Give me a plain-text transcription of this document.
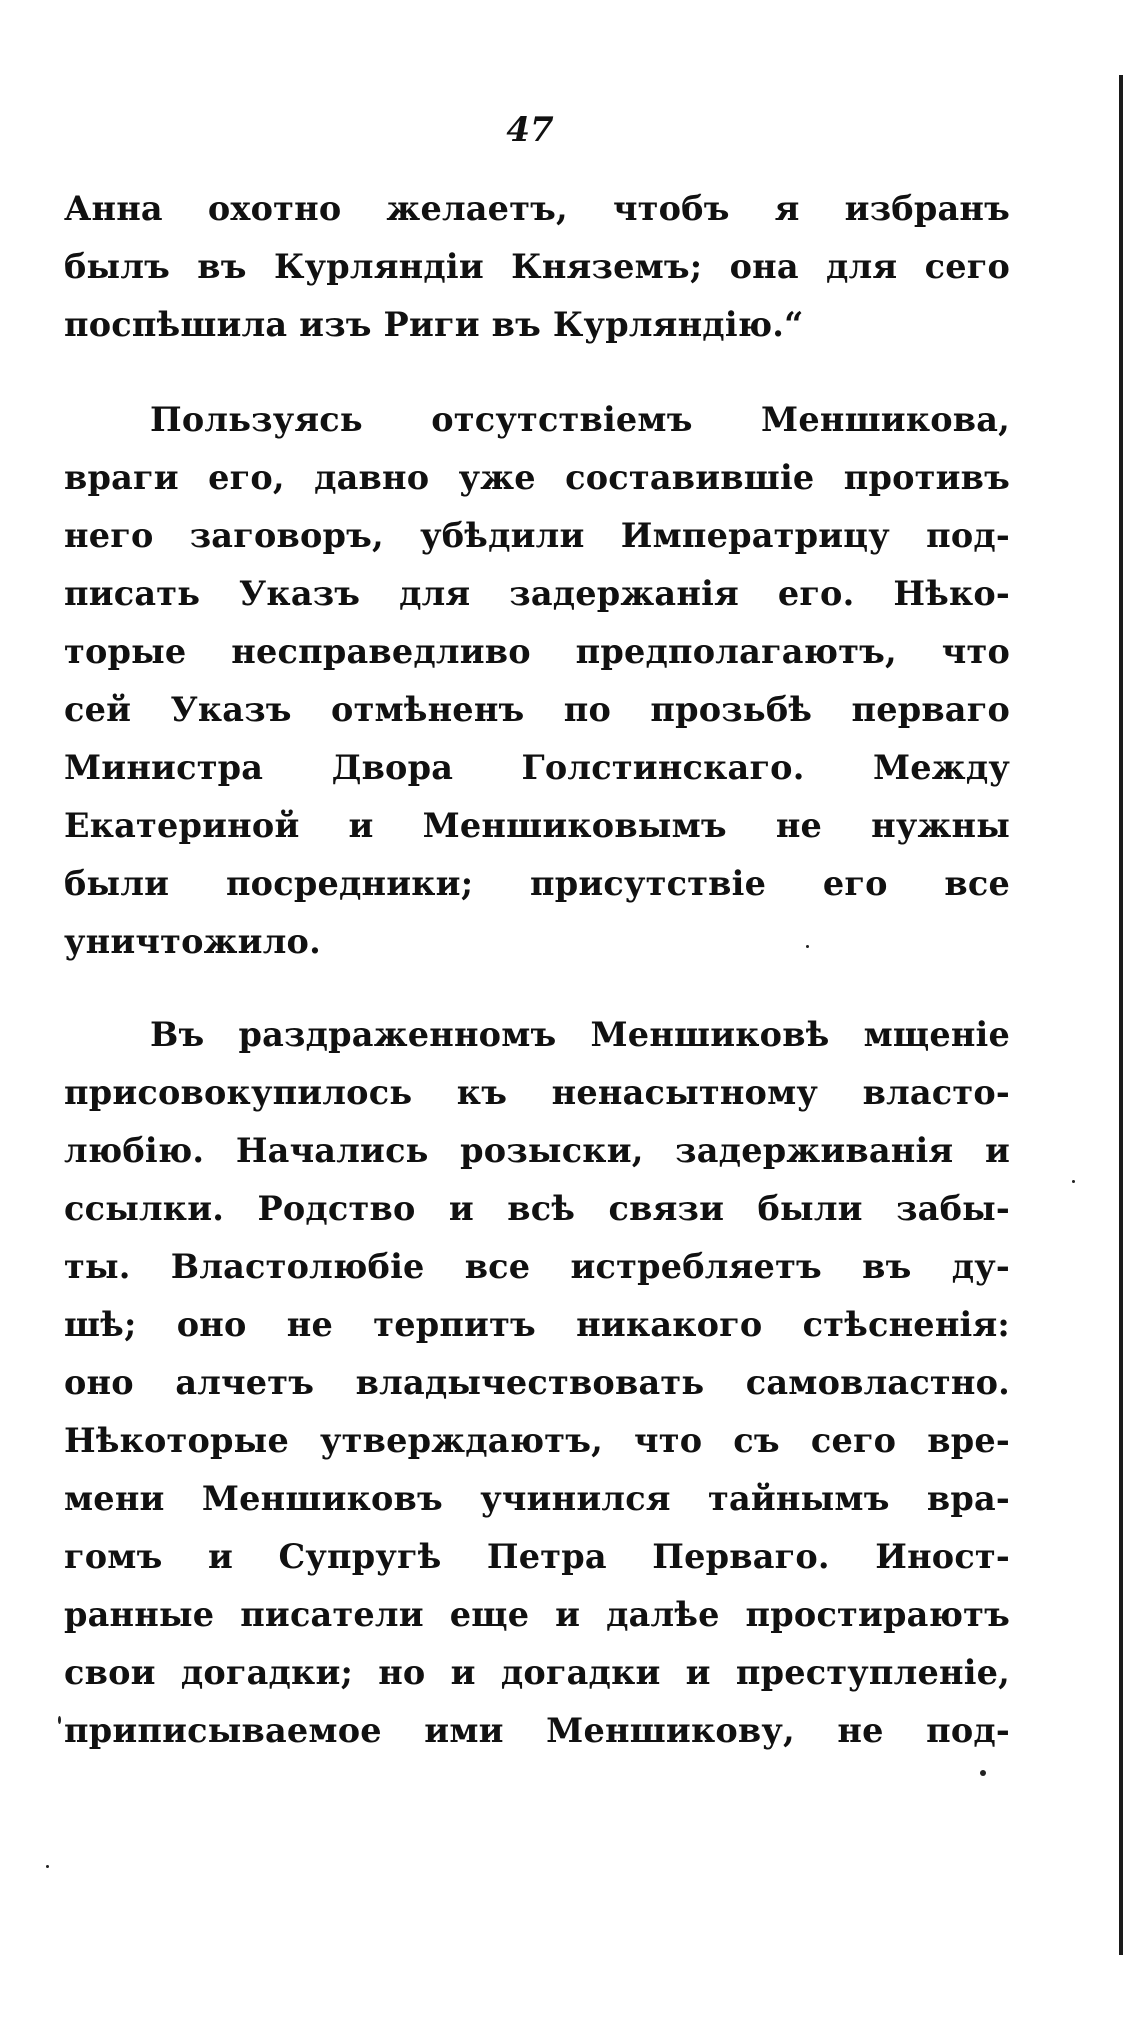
47
Анна охотно желаетъ, чтобъ я избранъ
былъ въ Курляндіи Княземъ; она для сего
поспѣшила изъ Риги въ Курляндію.“
Пользуясь отсутствіемъ Меншикова,
враги его, давно уже составившіе противъ
него заговоръ, убѣдили Императрицу под-
писать Указъ для задержанія его. Нѣко-
торые несправедливо предполагаютъ, что
сей Указъ отмѣненъ по прозьбѣ перваго
Министра Двора Голстинскаго. Между
Екатериной и Меншиковымъ не нужны
были посредники; присутствіе его все
уничтожило.
Въ раздраженномъ Меншиковѣ мщеніе
присовокупилось къ ненасытному власто-
любію. Начались розыски, задерживанія и
ссылки. Родство и всѣ связи были забы-
ты. Властолюбіе все истребляетъ въ ду-
шѣ; оно не терпитъ никакого стѣсненія:
оно алчетъ владычествовать самовластно.
Нѣкоторые утверждаютъ, что съ сего вре-
мени Меншиковъ учинился тайнымъ вра-
гомъ и Супругѣ Петра Перваго. Иност-
ранные писатели еще и далѣе простираютъ
свои догадки; но и догадки и преступленіе,
приписываемое ими Меншикову, не под-
